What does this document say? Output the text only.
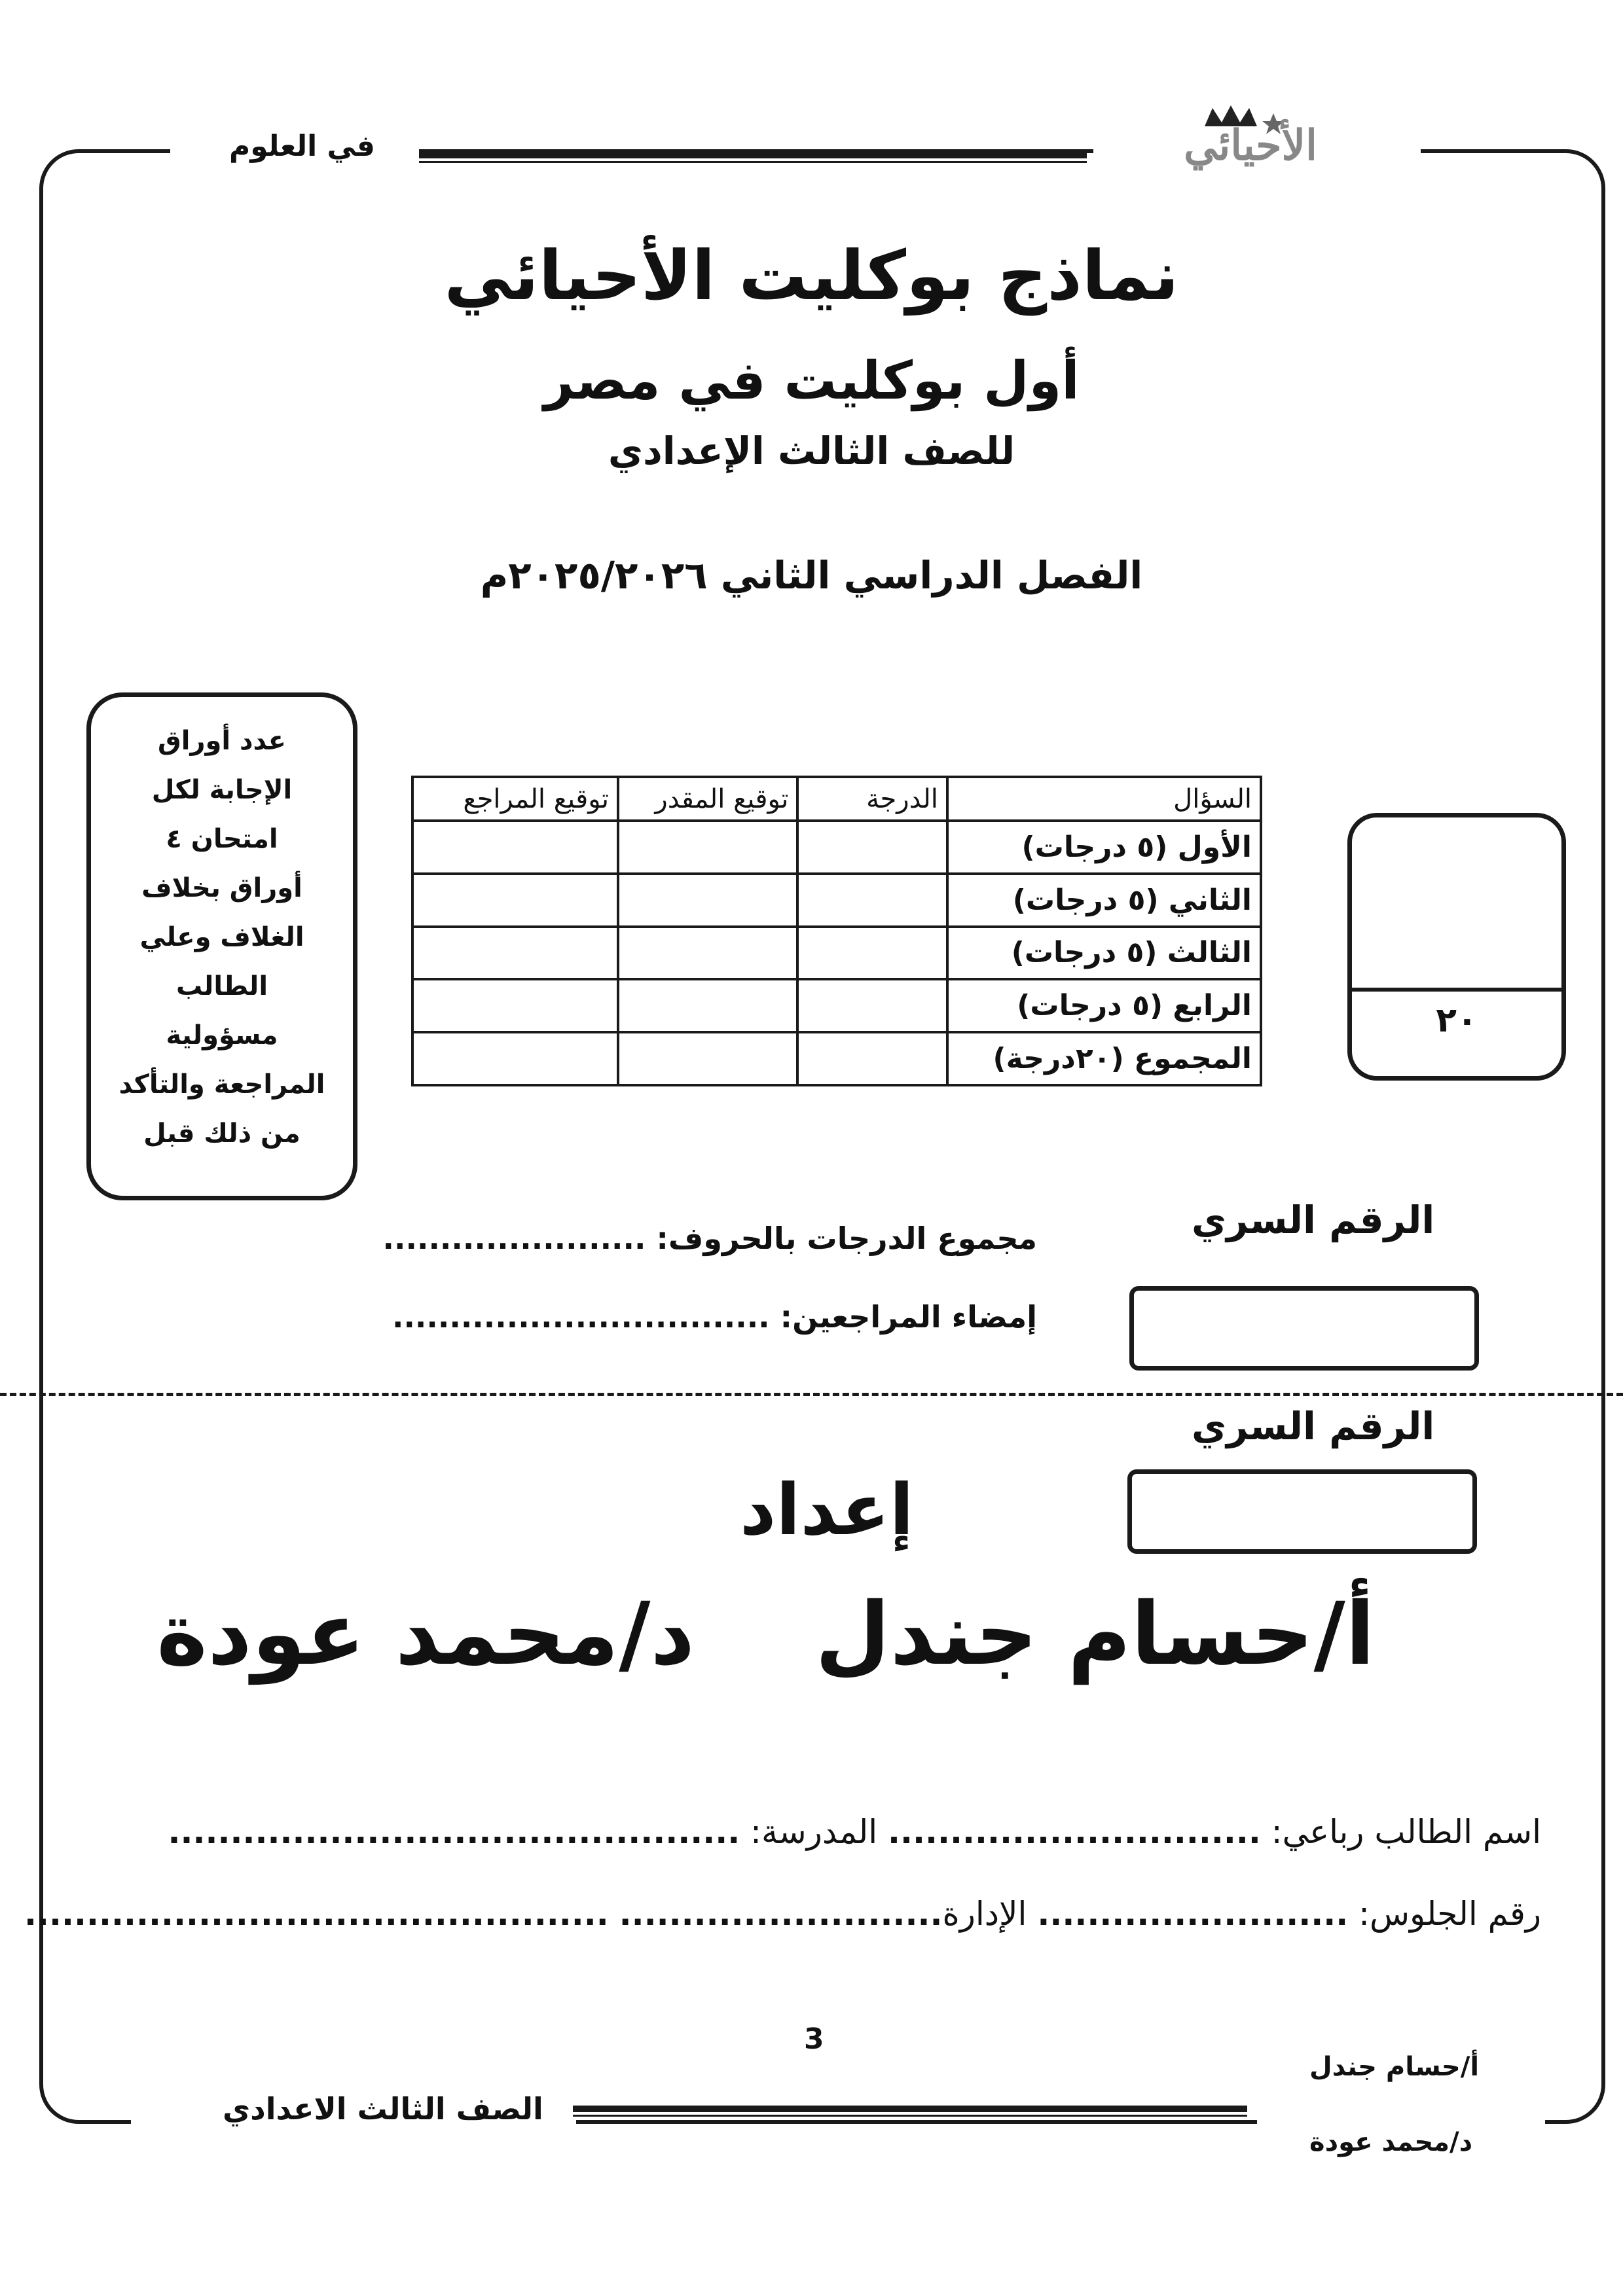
في العلوم	الأحيائي
نماذج بوكليت الأحيائي
أول بوكليت في مصر
للصف الثالث الإعدادي
الفصل الدراسي الثاني ٢٠٢٥/٢٠٢٦م
عدد أوراق
الإجابة لكل
امتحان ٤
أوراق بخلاف
الغلاف وعلي
الطالب
مسؤولية
المراجعة والتأكد
من ذلك قبل
السؤال	الدرجة	توقيع المقدر	توقيع المراجع
الأول (٥ درجات)			
الثاني (٥ درجات)			
الثالث (٥ درجات)			
الرابع (٥ درجات)			
المجموع (٢٠درجة)			
٢٠
الرقم السري
مجموع الدرجات بالحروف: .......................
إمضاء المراجعين: .................................
الرقم السري
إعداد
أ/حسام جندل    د/محمد عودة
اسم الطالب رباعي: .............................. المدرسة: ..............................................
رقم الجلوس: ......................... الإدارة.......................... ...............................................
3
الصف الثالث الاعدادي
أ/حسام جندل
د/محمد عودة
